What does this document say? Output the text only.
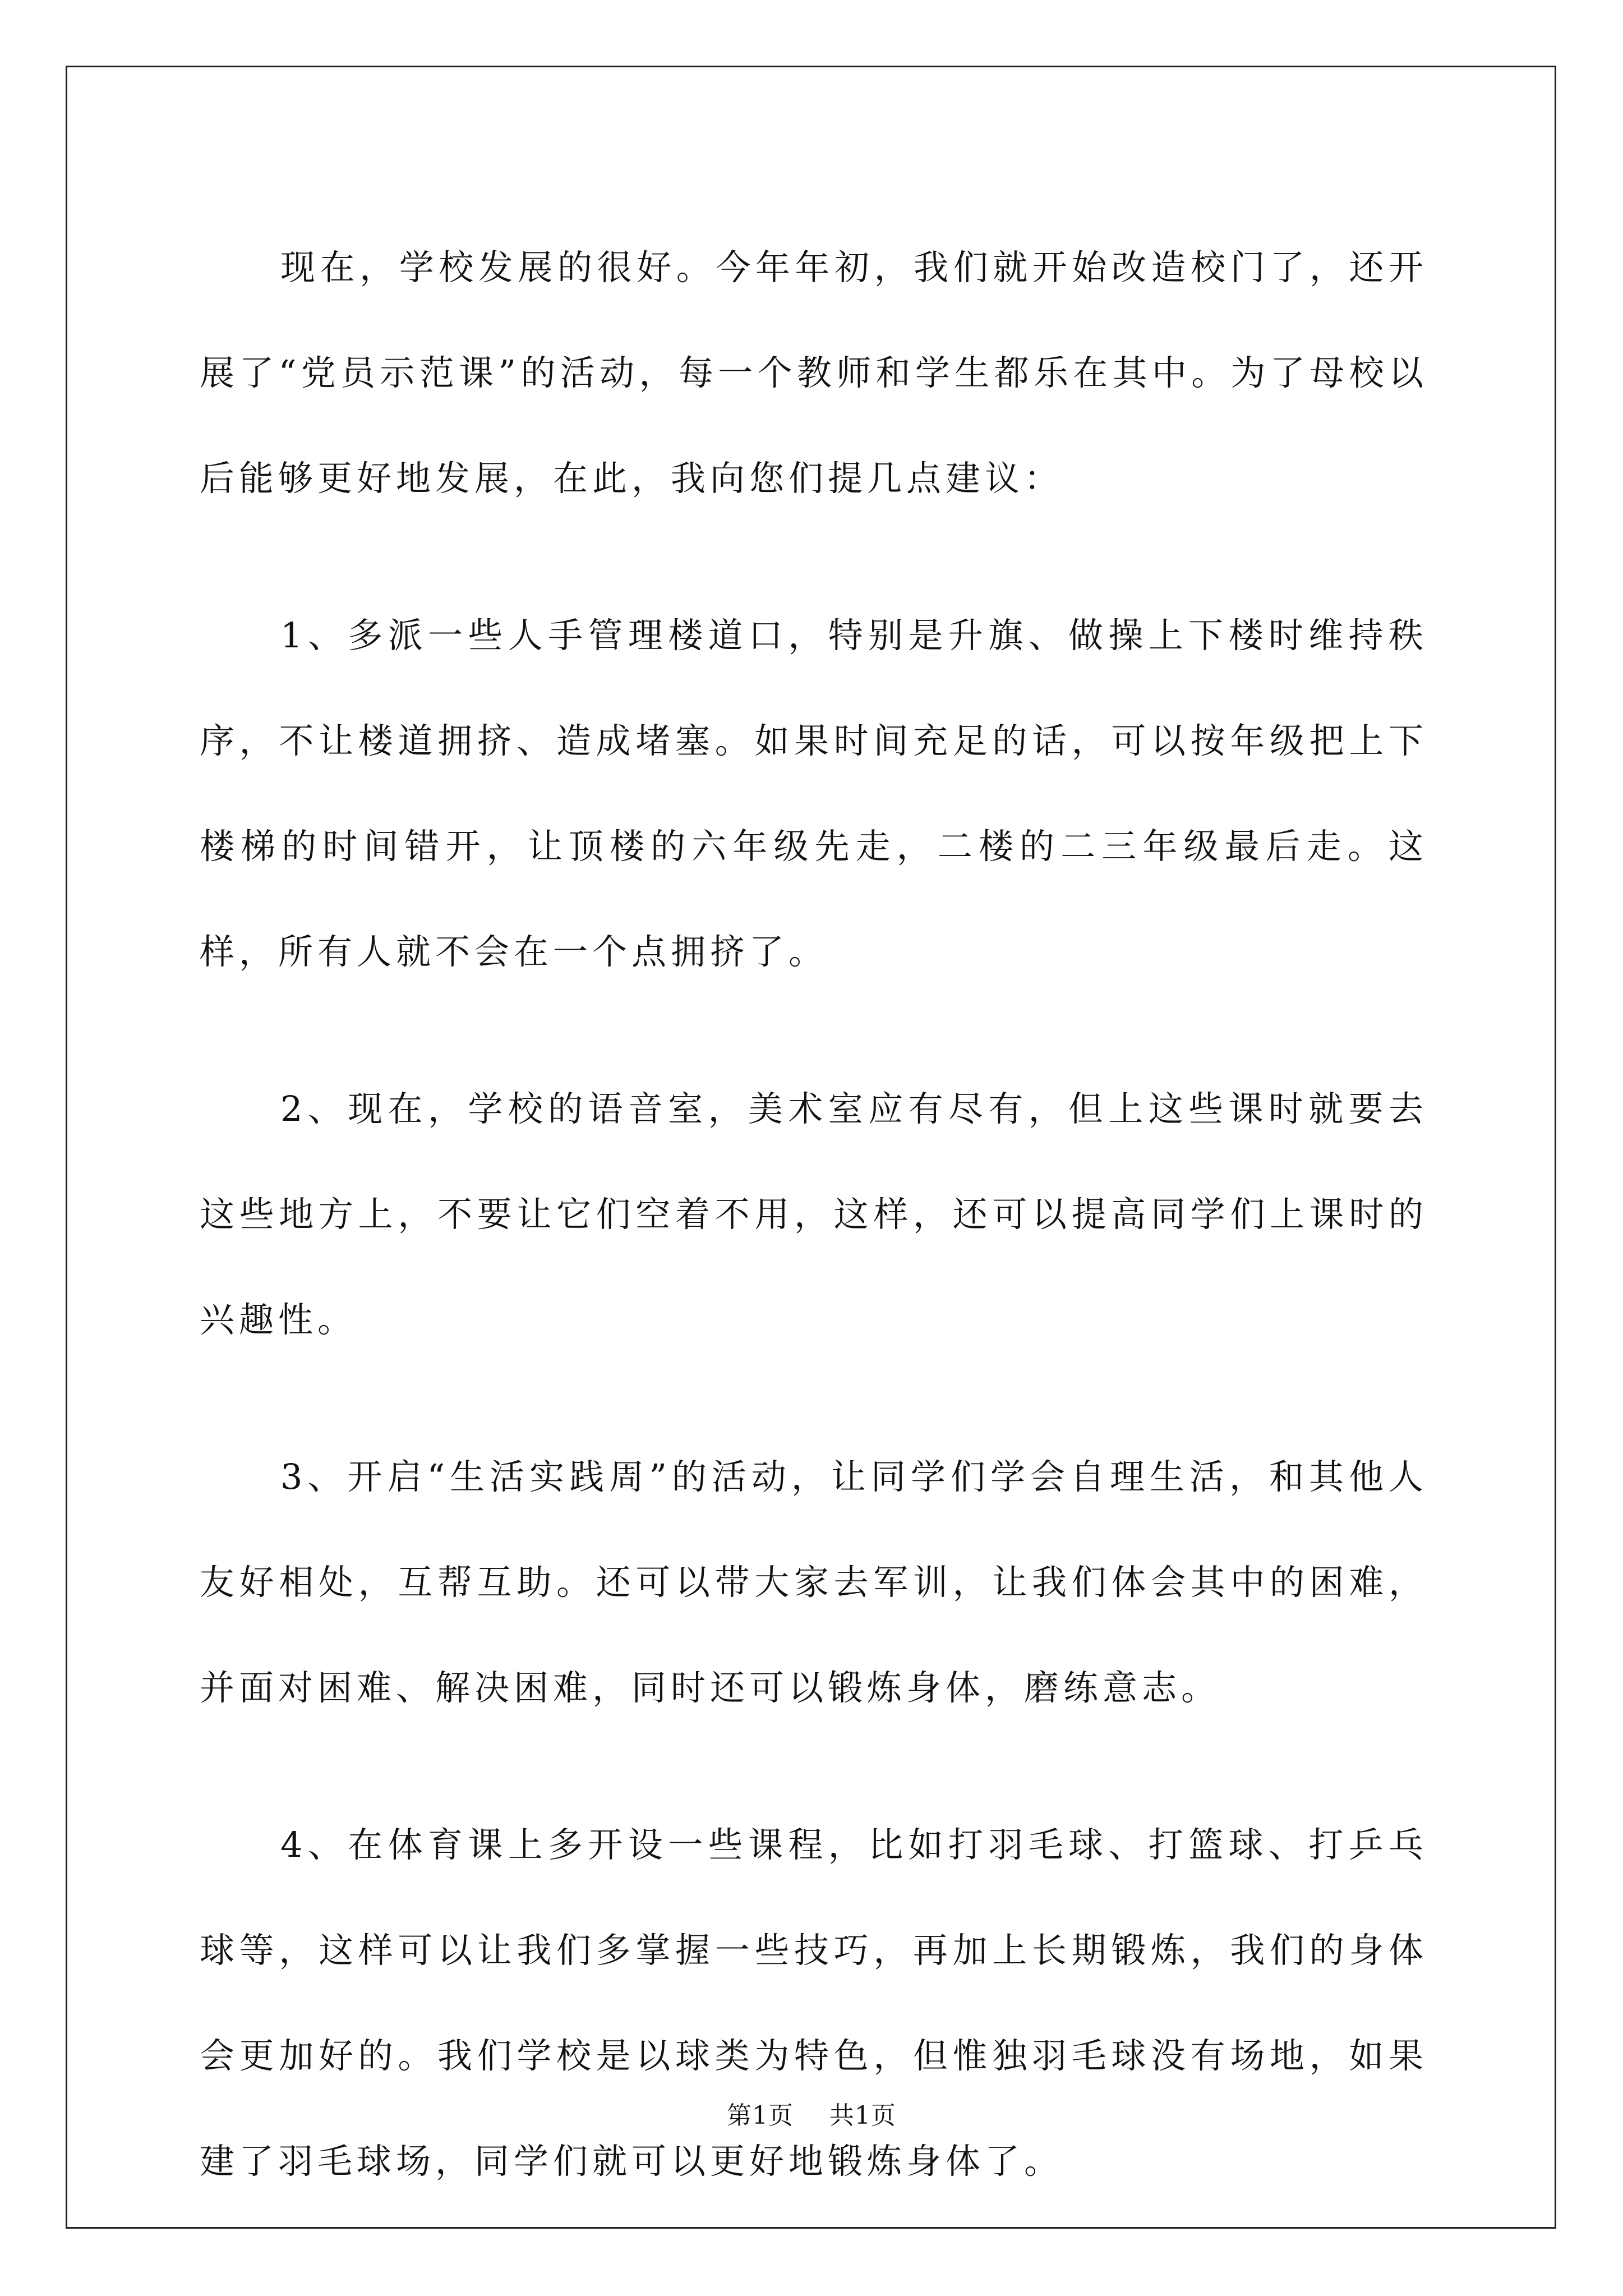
现在，学校发展的很好。今年年初，我们就开始改造校门了，还开展了“党员示范课”的活动，每一个教师和学生都乐在其中。为了母校以后能够更好地发展，在此，我向您们提几点建议：

1、多派一些人手管理楼道口，特别是升旗、做操上下楼时维持秩序，不让楼道拥挤、造成堵塞。如果时间充足的话，可以按年级把上下楼梯的时间错开，让顶楼的六年级先走，二楼的二三年级最后走。这样，所有人就不会在一个点拥挤了。

2、现在，学校的语音室，美术室应有尽有，但上这些课时就要去这些地方上，不要让它们空着不用，这样，还可以提高同学们上课时的兴趣性。

3、开启“生活实践周”的活动，让同学们学会自理生活，和其他人友好相处，互帮互助。还可以带大家去军训，让我们体会其中的困难，并面对困难、解决困难，同时还可以锻炼身体，磨练意志。

4、在体育课上多开设一些课程，比如打羽毛球、打篮球、打乒乓球等，这样可以让我们多掌握一些技巧，再加上长期锻炼，我们的身体会更加好的。我们学校是以球类为特色，但惟独羽毛球没有场地，如果建了羽毛球场，同学们就可以更好地锻炼身体了。

第1页 共1页
